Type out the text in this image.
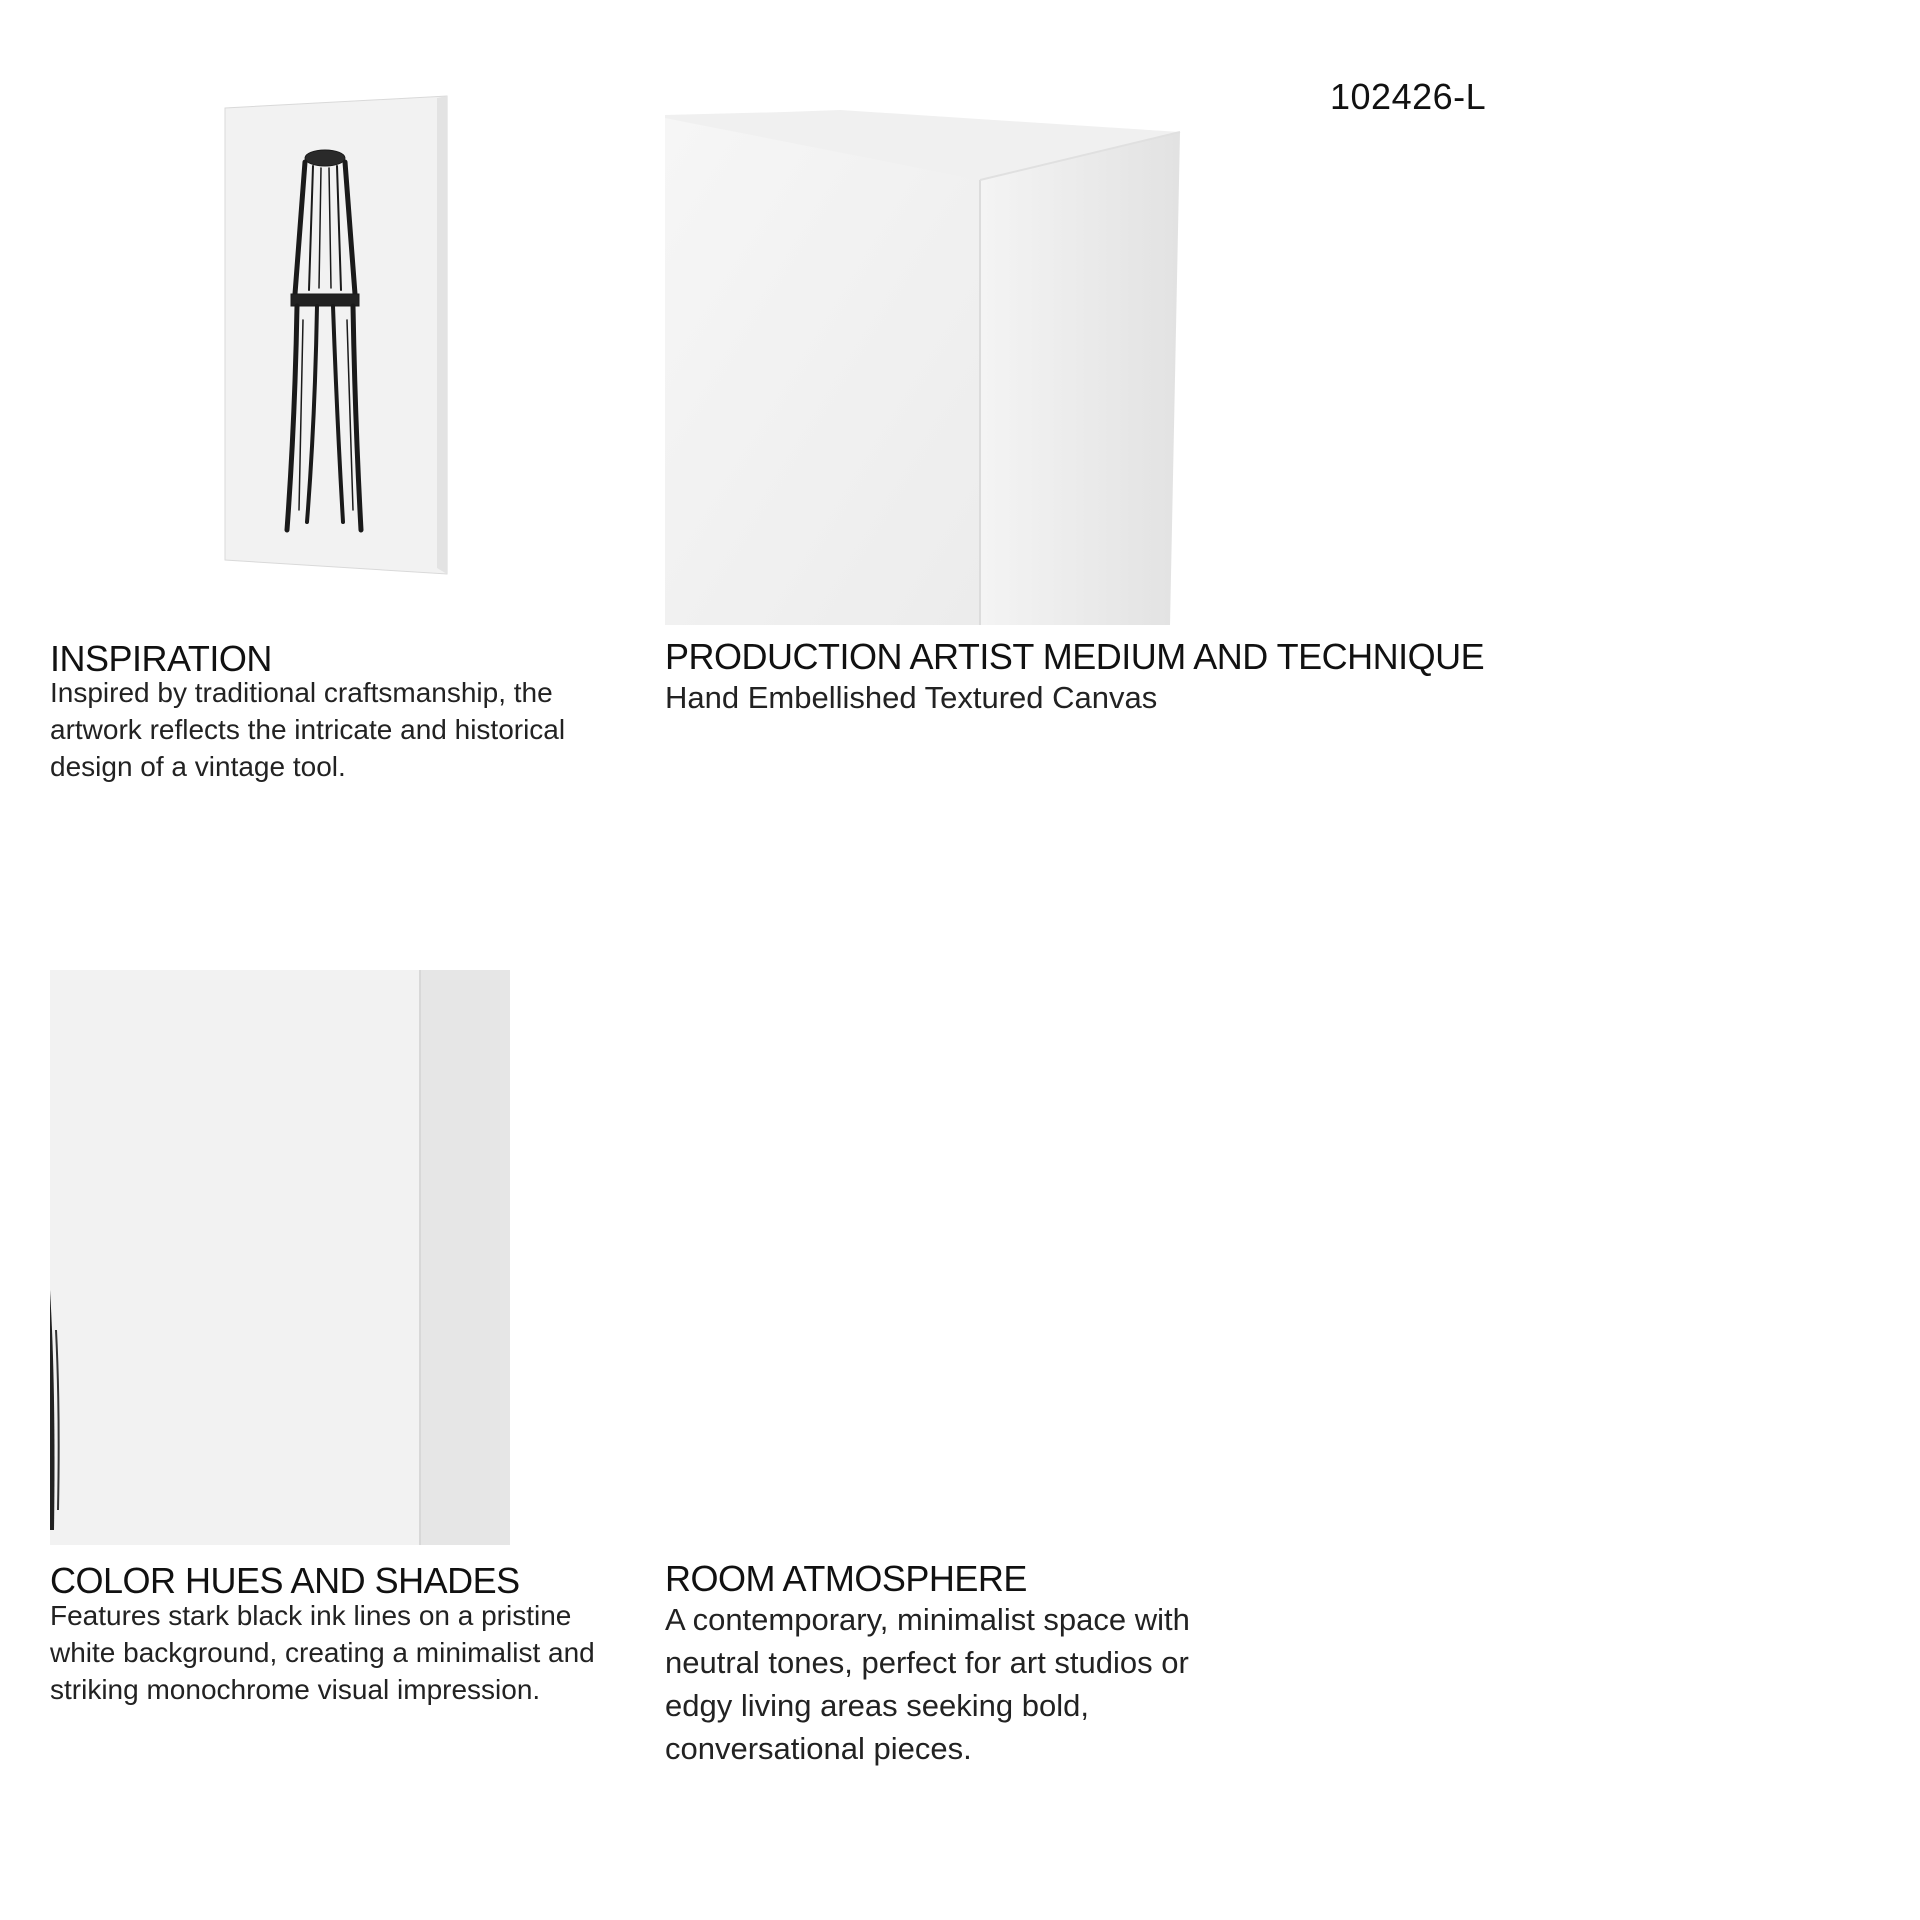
102426-L
INSPIRATION
Inspired by traditional craftsmanship, the
artwork reflects the intricate and historical
design of a vintage tool.
PRODUCTION ARTIST MEDIUM AND TECHNIQUE
Hand Embellished Textured Canvas
COLOR HUES AND SHADES
Features stark black ink lines on a pristine
white background, creating a minimalist and
striking monochrome visual impression.
ROOM ATMOSPHERE
A contemporary, minimalist space with
neutral tones, perfect for art studios or
edgy living areas seeking bold,
conversational pieces.
